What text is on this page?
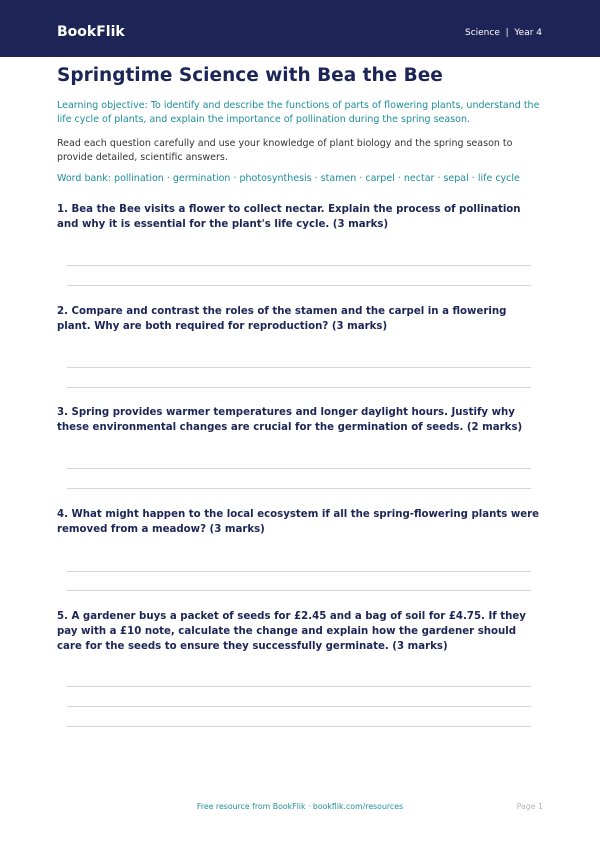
BookFlik	Science  |  Year 4
Springtime Science with Bea the Bee

Learning objective: To identify and describe the functions of parts of flowering plants, understand the life cycle of plants, and explain the importance of pollination during the spring season.

Read each question carefully and use your knowledge of plant biology and the spring season to provide detailed, scientific answers.

Word bank: pollination · germination · photosynthesis · stamen · carpel · nectar · sepal · life cycle

1. Bea the Bee visits a flower to collect nectar. Explain the process of pollination and why it is essential for the plant's life cycle. (3 marks)

2. Compare and contrast the roles of the stamen and the carpel in a flowering plant. Why are both required for reproduction? (3 marks)

3. Spring provides warmer temperatures and longer daylight hours. Justify why these environmental changes are crucial for the germination of seeds. (2 marks)

4. What might happen to the local ecosystem if all the spring-flowering plants were removed from a meadow? (3 marks)

5. A gardener buys a packet of seeds for £2.45 and a bag of soil for £4.75. If they pay with a £10 note, calculate the change and explain how the gardener should care for the seeds to ensure they successfully germinate. (3 marks)

Free resource from BookFlik · bookflik.com/resources	Page 1
